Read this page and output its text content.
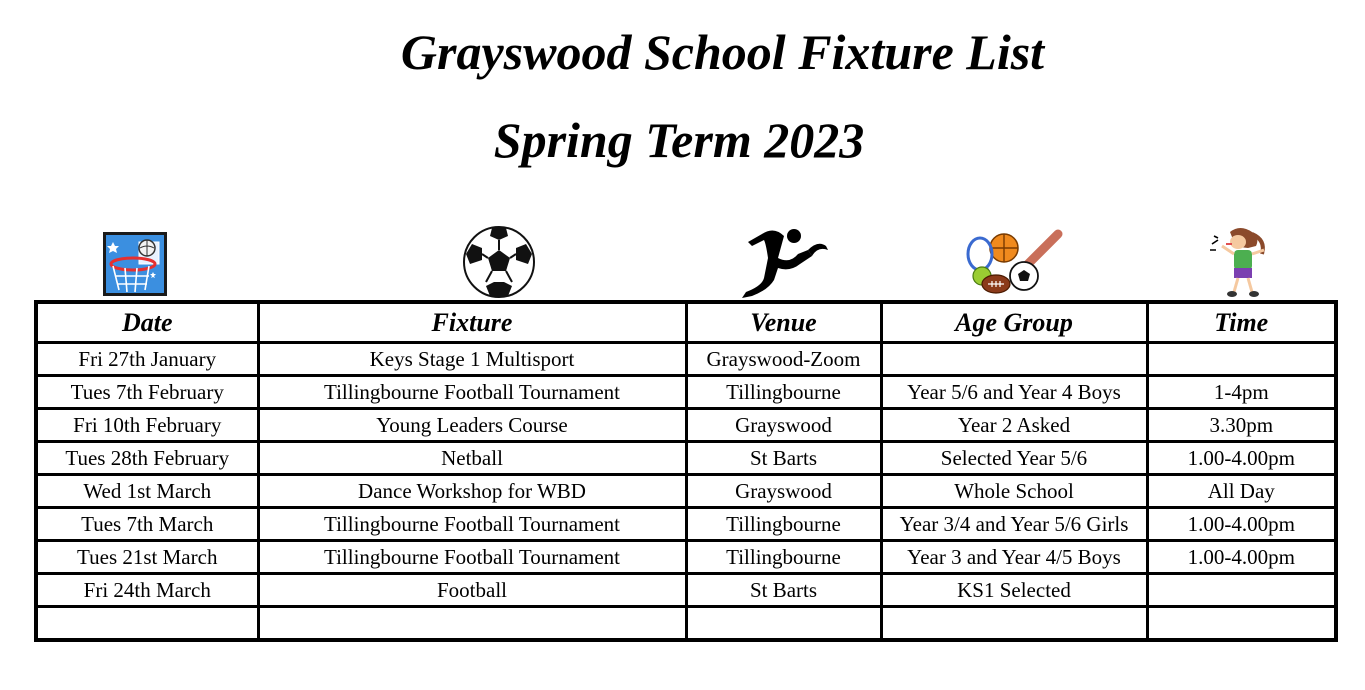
Grayswood School Fixture List
Spring Term 2023
Date	Fixture	Venue	Age Group	Time
Fri 27th January	Keys Stage 1 Multisport	Grayswood-Zoom		
Tues 7th February	Tillingbourne Football Tournament	Tillingbourne	Year 5/6 and Year 4 Boys	1-4pm
Fri 10th February	Young Leaders Course	Grayswood	Year 2 Asked	3.30pm
Tues 28th February	Netball	St Barts	Selected Year 5/6	1.00-4.00pm
Wed 1st March	Dance Workshop for WBD	Grayswood	Whole School	All Day
Tues 7th March	Tillingbourne Football Tournament	Tillingbourne	Year 3/4 and Year 5/6 Girls	1.00-4.00pm
Tues 21st March	Tillingbourne Football Tournament	Tillingbourne	Year 3 and Year 4/5 Boys	1.00-4.00pm
Fri 24th March	Football	St Barts	KS1 Selected	
